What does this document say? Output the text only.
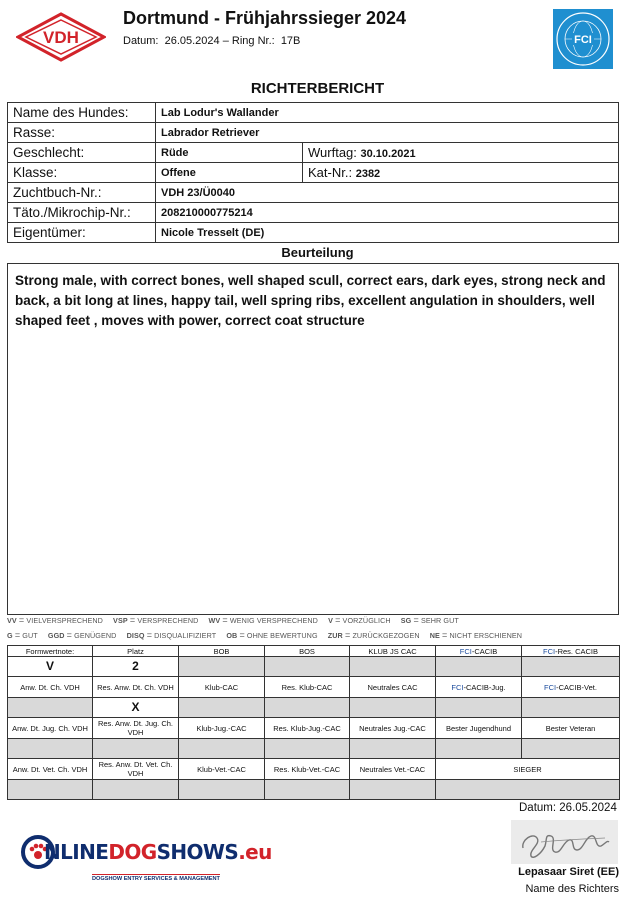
VDH
Dortmund - Frühjahrssieger 2024
Datum: 26.05.2024 – Ring Nr.: 17B	FCI
RICHTERBERICHT
Name des Hundes:	Lab Lodur's Wallander	
Rasse:	Labrador Retriever	
Geschlecht:	Rüde	Wurftag: 30.10.2021
Klasse:	Offene	Kat-Nr.: 2382
Zuchtbuch-Nr.:	VDH 23/Ü0040	
Täto./Mikrochip-Nr.:	208210000775214	
Eigentümer:	Nicole Tresselt (DE)	
Beurteilung
Strong male, with correct bones, well shaped scull, correct ears, dark eyes, strong neck and back, a bit long at lines, happy tail, well spring ribs, excellent angulation in shoulders, well shaped feet , moves with power, correct coat structure
VV = VIELVERSPRECHEND VSP = VERSPRECHEND WV = WENIG VERSPRECHEND V = VORZÜGLICH SG = SEHR GUT
G = GUT GGD = GENÜGEND DISQ = DISQUALIFIZIERT OB = OHNE BEWERTUNG ZUR = ZURÜCKGEZOGEN NE = NICHT ERSCHIENEN
Formwertnote:	Platz	BOB	BOS	KLUB JS CAC	FCI-CACIB	FCI-Res. CACIB
V	2					
Anw. Dt. Ch. VDH	Res. Anw. Dt. Ch. VDH	Klub-CAC	Res. Klub-CAC	Neutrales CAC	FCI-CACIB-Jug.	FCI-CACIB-Vet.
	X					
Anw. Dt. Jug. Ch. VDH	Res. Anw. Dt. Jug. Ch. VDH	Klub-Jug.-CAC	Res. Klub-Jug.-CAC	Neutrales Jug.-CAC	Bester Jugendhund	Bester Veteran

Anw. Dt. Vet. Ch. VDH	Res. Anw. Dt. Vet. Ch. VDH	Klub-Vet.-CAC	Res. Klub-Vet.-CAC	Neutrales Vet.-CAC	SIEGER	

Datum: 26.05.2024
Lepasaar Siret (EE)
Name des Richters
NLINEDOGSHOWS.eu
DOGSHOW ENTRY SERVICES & MANAGEMENT
